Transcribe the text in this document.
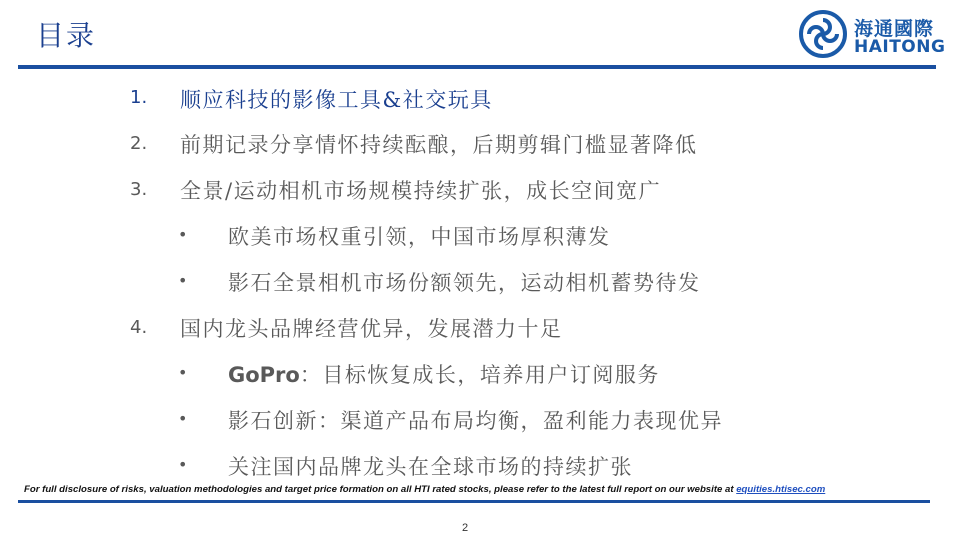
目录	海通國際
HAITONG
1. 顺应科技的影像工具&社交玩具
2. 前期记录分享情怀持续酝酿，后期剪辑门槛显著降低
3. 全景/运动相机市场规模持续扩张，成长空间宽广
• 欧美市场权重引领，中国市场厚积薄发
• 影石全景相机市场份额领先，运动相机蓄势待发
4. 国内龙头品牌经营优异，发展潜力十足
• GoPro：目标恢复成长，培养用户订阅服务
• 影石创新：渠道产品布局均衡，盈利能力表现优异
• 关注国内品牌龙头在全球市场的持续扩张
For full disclosure of risks, valuation methodologies and target price formation on all HTI rated stocks, please refer to the latest full report on our website at equities.htisec.com
2
